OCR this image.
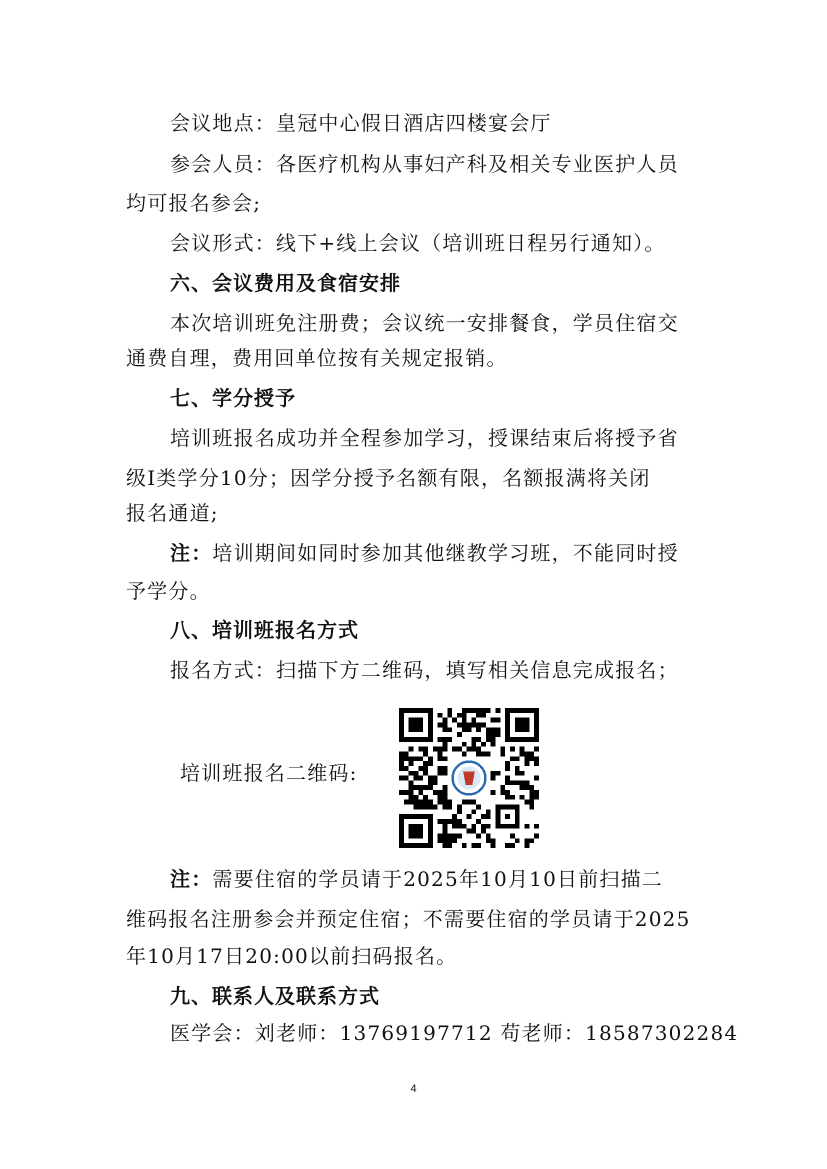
会议地点：皇冠中心假日酒店四楼宴会厅
参会人员：各医疗机构从事妇产科及相关专业医护人员
均可报名参会;
会议形式：线下+线上会议（培训班日程另行通知）。
六、会议费用及食宿安排
本次培训班免注册费；会议统一安排餐食，学员住宿交
通费自理，费用回单位按有关规定报销。
七、学分授予
培训班报名成功并全程参加学习，授课结束后将授予省
级Ⅰ类学分10分；因学分授予名额有限，名额报满将关闭
报名通道;
注：培训期间如同时参加其他继教学习班，不能同时授
予学分。
八、培训班报名方式
报名方式：扫描下方二维码，填写相关信息完成报名；
培训班报名二维码:
注：需要住宿的学员请于2025年10月10日前扫描二
维码报名注册参会并预定住宿；不需要住宿的学员请于2025
年10月17日20:00以前扫码报名。
九、联系人及联系方式
医学会：刘老师：13769197712 苟老师：18587302284
4
